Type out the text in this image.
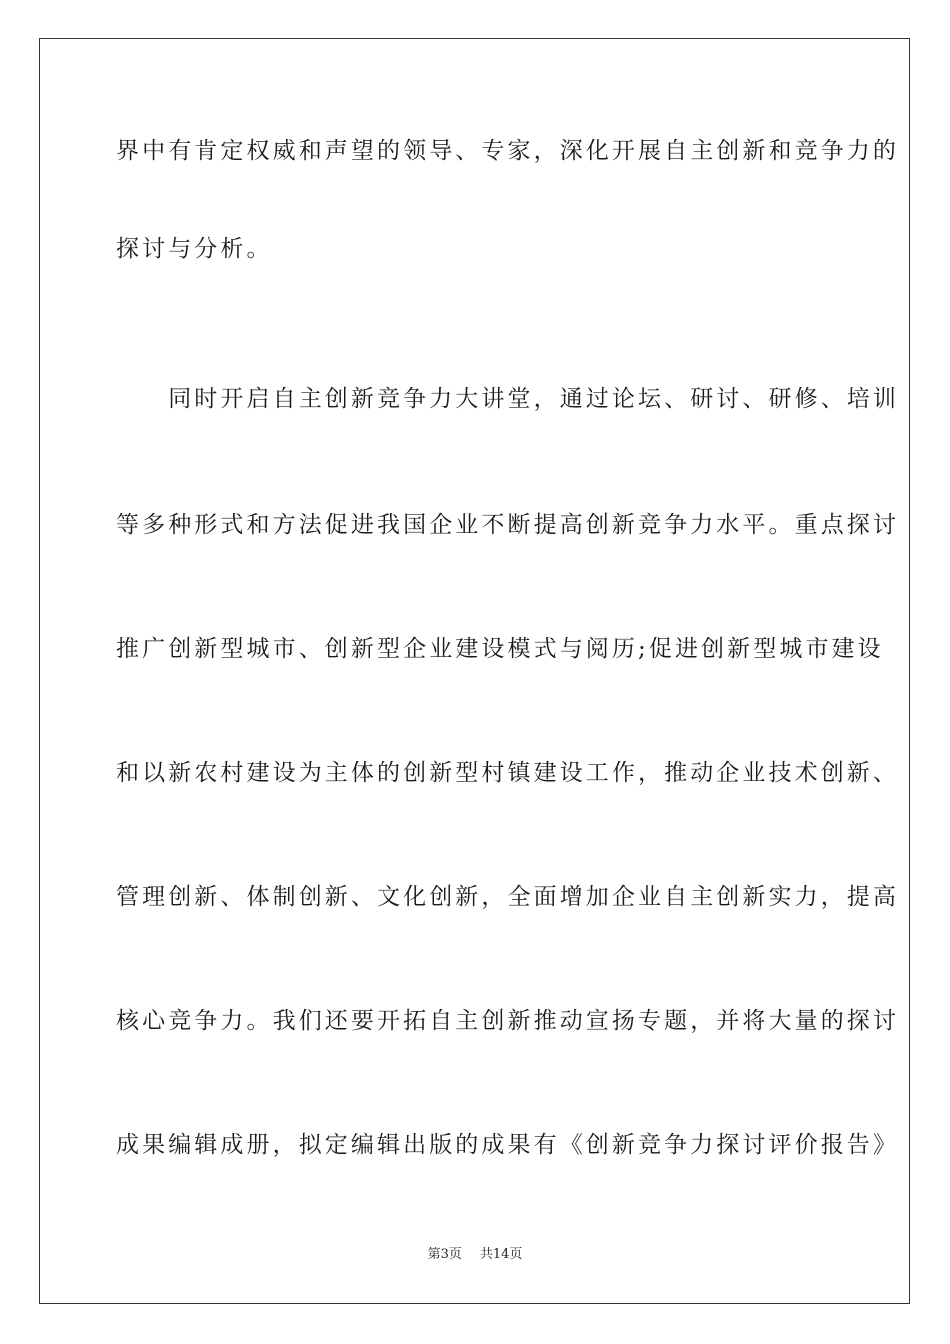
界中有肯定权威和声望的领导、专家，深化开展自主创新和竞争力的
探讨与分析。
　　同时开启自主创新竞争力大讲堂，通过论坛、研讨、研修、培训
等多种形式和方法促进我国企业不断提高创新竞争力水平。重点探讨
推广创新型城市、创新型企业建设模式与阅历;促进创新型城市建设
和以新农村建设为主体的创新型村镇建设工作，推动企业技术创新、
管理创新、体制创新、文化创新，全面增加企业自主创新实力，提高
核心竞争力。我们还要开拓自主创新推动宣扬专题，并将大量的探讨
成果编辑成册，拟定编辑出版的成果有《创新竞争力探讨评价报告》
第3页 共14页
